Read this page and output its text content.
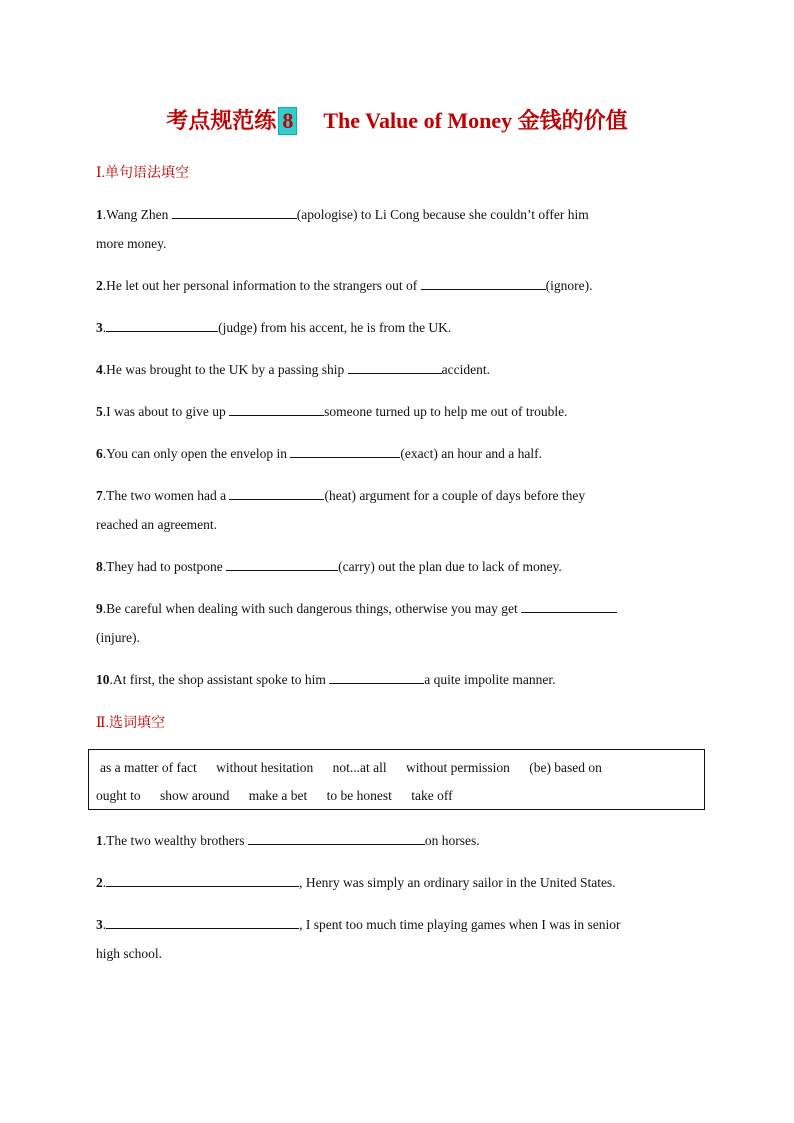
考点规范练 8 The Value of Money 金钱的价值
Ⅰ.单句语法填空
1.Wang Zhen	(apologise) to Li Cong because she couldn’t offer him
more money.
2.He let out her personal information to the strangers out of	(ignore).
3.	(judge) from his accent, he is from the UK.
4.He was brought to the UK by a passing ship	accident.
5.I was about to give up	someone turned up to help me out of trouble.
6.You can only open the envelop in	(exact) an hour and a half.
7.The two women had a	(heat) argument for a couple of days before they
reached an agreement.
8.They had to postpone	(carry) out the plan due to lack of money.
9.Be careful when dealing with such dangerous things, otherwise you may get
(injure).
10.At first, the shop assistant spoke to him	a quite impolite manner.
Ⅱ.选词填空
as a matter of fact without hesitation not...at all without permission (be) based on
ought to show around make a bet to be honest take off
1.The two wealthy brothers	on horses.
2.	, Henry was simply an ordinary sailor in the United States.
3.	, I spent too much time playing games when I was in senior
high school.
